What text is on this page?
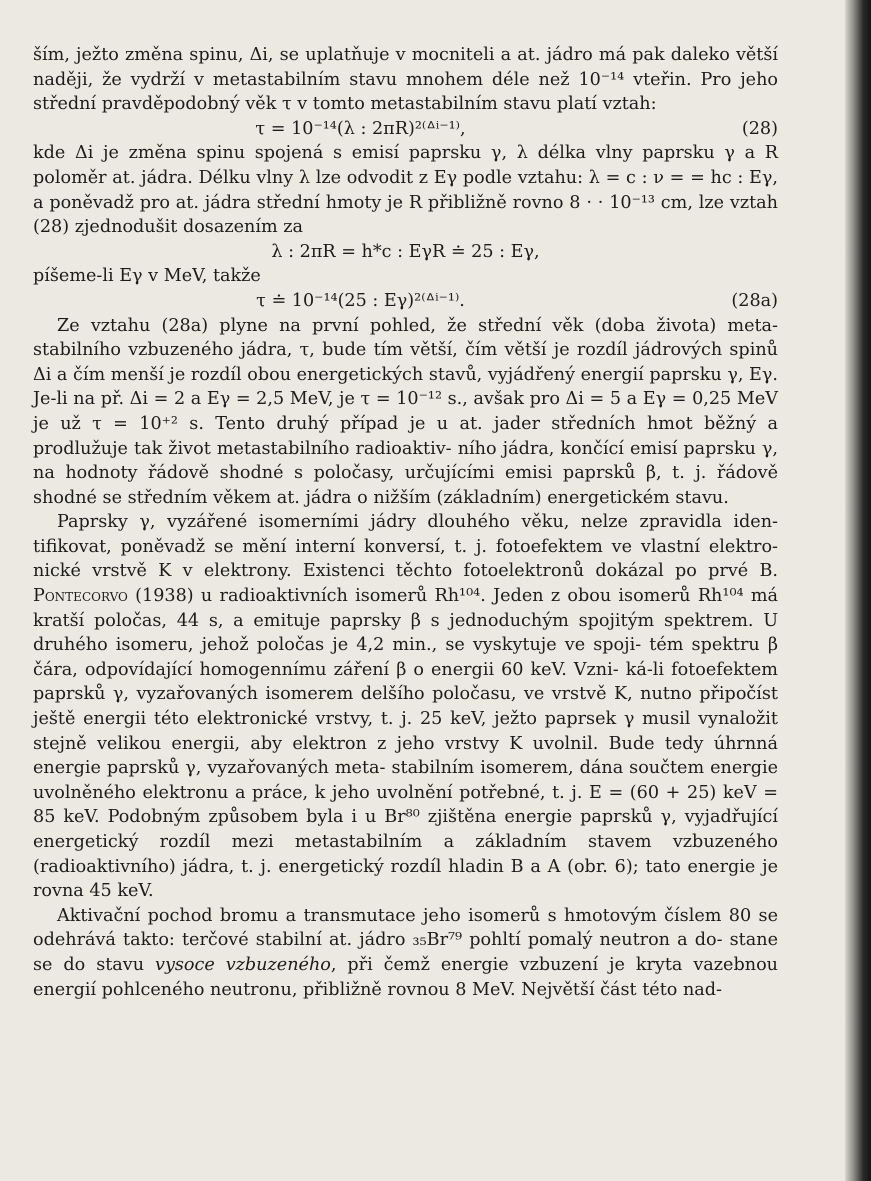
ším, ježto změna spinu, Δi, se uplatňuje v mocniteli a at. jádro má pak daleko větší naději, že vydrží v metastabilním stavu mnohem déle než 10⁻¹⁴ vteřin. Pro jeho střední pravděpodobný věk τ v tomto metastabilním stavu platí vztah:

τ = 10⁻¹⁴(λ : 2πR)²⁽ᐞⁱ⁻¹⁾,	(28)

kde Δi je změna spinu spojená s emisí paprsku γ, λ délka vlny paprsku γ a R poloměr at. jádra. Délku vlny λ lze odvodit z Eγ podle vztahu: λ = c : ν = = hc : Eγ, a poněvadž pro at. jádra střední hmoty je R přibližně rovno 8 · · 10⁻¹³ cm, lze vztah (28) zjednodušit dosazením za

λ : 2πR = h*c : EγR ≐ 25 : Eγ,

píšeme-li Eγ v MeV, takže

τ ≐ 10⁻¹⁴(25 : Eγ)²⁽ᐞⁱ⁻¹⁾.	(28a)

Ze vztahu (28a) plyne na první pohled, že střední věk (doba života) meta- stabilního vzbuzeného jádra, τ, bude tím větší, čím větší je rozdíl jádrových spinů Δi a čím menší je rozdíl obou energetických stavů, vyjádřený energií paprsku γ, Eγ. Je-li na př. Δi = 2 a Eγ = 2,5 MeV, je τ = 10⁻¹² s., avšak pro Δi = 5 a Eγ = 0,25 MeV je už τ = 10⁺² s. Tento druhý případ je u at. jader středních hmot běžný a prodlužuje tak život metastabilního radioaktiv- ního jádra, končící emisí paprsku γ, na hodnoty řádově shodné s poločasy, určujícími emisi paprsků β, t. j. řádově shodné se středním věkem at. jádra o nižším (základním) energetickém stavu.

Paprsky γ, vyzářené isomerními jádry dlouhého věku, nelze zpravidla iden- tifikovat, poněvadž se mění interní konversí, t. j. fotoefektem ve vlastní elektro- nické vrstvě K v elektrony. Existenci těchto fotoelektronů dokázal po prvé B. Pontecorvo (1938) u radioaktivních isomerů Rh¹⁰⁴. Jeden z obou isomerů Rh¹⁰⁴ má kratší poločas, 44 s, a emituje paprsky β s jednoduchým spojitým spektrem. U druhého isomeru, jehož poločas je 4,2 min., se vyskytuje ve spoji- tém spektru β čára, odpovídající homogennímu záření β o energii 60 keV. Vzni- ká-li fotoefektem paprsků γ, vyzařovaných isomerem delšího poločasu, ve vrstvě K, nutno připočíst ještě energii této elektronické vrstvy, t. j. 25 keV, ježto paprsek γ musil vynaložit stejně velikou energii, aby elektron z jeho vrstvy K uvolnil. Bude tedy úhrnná energie paprsků γ, vyzařovaných meta- stabilním isomerem, dána součtem energie uvolněného elektronu a práce, k jeho uvolnění potřebné, t. j. E = (60 + 25) keV = 85 keV. Podobným způsobem byla i u Br⁸⁰ zjištěna energie paprsků γ, vyjadřující energetický rozdíl mezi metastabilním a základním stavem vzbuzeného (radioaktivního) jádra, t. j. energetický rozdíl hladin B a A (obr. 6); tato energie je rovna 45 keV.

Aktivační pochod bromu a transmutace jeho isomerů s hmotovým číslem 80 se odehrává takto: terčové stabilní at. jádro ₃₅Br⁷⁹ pohltí pomalý neutron a do- stane se do stavu vysoce vzbuzeného, při čemž energie vzbuzení je kryta vazebnou energií pohlceného neutronu, přibližně rovnou 8 MeV. Největší část této nad-
